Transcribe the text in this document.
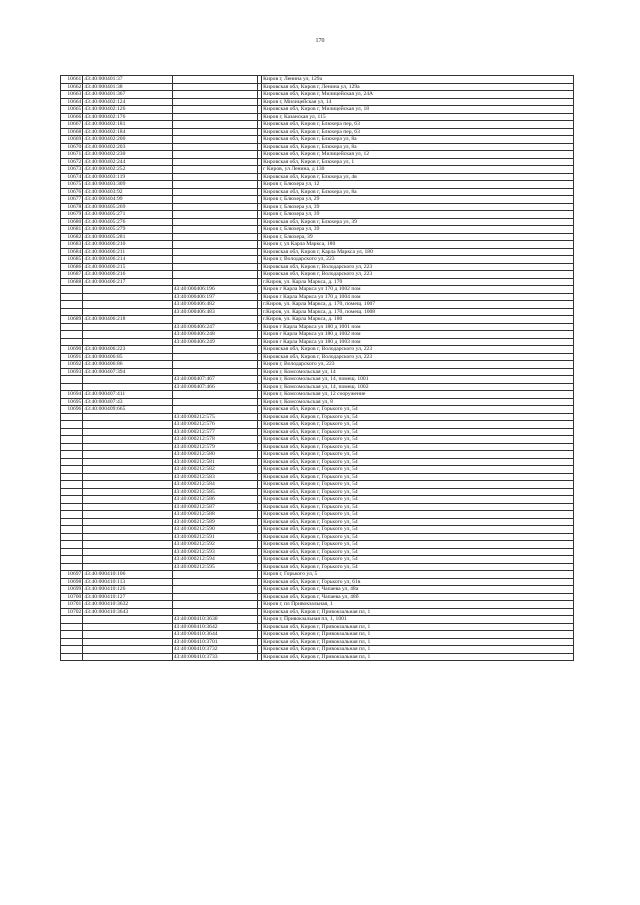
170
10661	43:40:000401:37			Киров г, Ленина ул, 129а
10662	43:40:000401:38			Кировская обл, Киров г, Ленина ул, 129а
10663	43:40:000401:367			Кировская обл, Киров г, Милицейская ул, 24А
10664	43:40:000402:124			Киров г, Милицейская ул, 14
10665	43:40:000402:126			Кировская обл, Киров г, Милицейская ул, 18
10666	43:40:000402:176			Киров г, Казанская ул, 115
10667	43:40:000402:181			Кировская обл, Киров г, Блюхера пер, 63
10668	43:40:000402:184			Кировская обл, Киров г, Блюхера пер, 63
10669	43:40:000402:200			Кировская обл, Киров г, Блюхера ул, 8а
10670	43:40:000402:203			Кировская обл, Киров г, Блюхера ул, 8а
10671	43:40:000402:230			Кировская обл, Киров г, Милицейская ул, 12
10672	43:40:000402:244			Кировская обл, Киров г, Блюхера ул, 1
10673	43:40:000402:252			г Киров, ул Ленина, д 130
10674	43:40:000403:119			Кировская обл, Киров г, Блюхера ул, 4в
10675	43:40:000403:309			Киров г, Блюхера ул, 12
10676	43:40:000403:92			Кировская обл, Киров г, Блюхера ул, 8а
10677	43:40:000404:99			Киров г, Блюхера ул, 29
10678	43:40:000405:269			Киров г, Блюхера ул, 39
10679	43:40:000405:271			Киров г, Блюхера ул, 39
10680	43:40:000405:276			Кировская обл, Киров г, Блюхера ул, 39
10681	43:40:000405:279			Киров г, Блюхера ул, 39
10682	43:40:000405:281			Киров г, Блюхера, 39
10683	43:40:000406:210			Киров г, ул Карла Маркса, 180
10684	43:40:000406:211			Кировская обл, Киров г, Карла Маркса ул, 180
10685	43:40:000406:214			Киров г, Володарского ул, 223
10686	43:40:000406:215			Кировская обл, Киров г, Володарского ул, 223
10687	43:40:000406:216			Кировская обл, Киров г, Володарского ул, 223
10688	43:40:000406:217			г.Киров, ул. Карла Маркса, д. 170
		43:40:000406:196		Киров г Карла Маркса ул 170 д 1002 пом
		43:40:000406:197		Киров г Карла Маркса ул 170 д 1004 пом
		43:40:000406:482		г.Киров, ул. Карла Маркса, д. 170, помещ. 1007
		43:40:000406:483		г.Киров, ул. Карла Маркса, д. 170, помещ. 1008
10689	43:40:000406:218			г.Киров, ул. Карла Маркса, д. 180
		43:40:000406:247		Киров г Карла Маркса ул 180 д 1001 пом
		43:40:000406:248		Киров г Карла Маркса ул 180 д 1002 пом
		43:40:000406:249		Киров г Карла Маркса ул 180 д 1003 пом
10690	43:40:000406:223			Кировская обл, Киров г, Володарского ул, 223
10691	43:40:000406:85			Кировская обл, Киров г, Володарского ул, 223
10692	43:40:000406:86			Киров г, Володарского ул, 223
10693	43:40:000407:394			Киров г, Комсомольская ул, 14
		43:40:000407:467		Киров г, Комсомольская ул, 14, помещ. 1001
		43:40:000407:466		Киров г, Комсомольская ул, 14, помещ. 1002
10694	43:40:000407:411			Киров г, Комсомольская ул, 12 сооружение
10695	43:40:000407:43			Киров г, Комсомольская ул, 8
10696	43:40:000409:665			Кировская обл, Киров г, Горького ул, 54
		43:40:000212:575		Кировская обл, Киров г, Горького ул, 54
		43:40:000212:576		Кировская обл, Киров г, Горького ул, 54
		43:40:000212:577		Кировская обл, Киров г, Горького ул, 54
		43:40:000212:578		Кировская обл, Киров г, Горького ул, 54
		43:40:000212:579		Кировская обл, Киров г, Горького ул, 54
		43:40:000212:580		Кировская обл, Киров г, Горького ул, 54
		43:40:000212:581		Кировская обл, Киров г, Горького ул, 54
		43:40:000212:582		Кировская обл, Киров г, Горького ул, 54
		43:40:000212:583		Кировская обл, Киров г, Горького ул, 54
		43:40:000212:584		Кировская обл, Киров г, Горького ул, 54
		43:40:000212:585		Кировская обл, Киров г, Горького ул, 54
		43:40:000212:586		Кировская обл, Киров г, Горького ул, 54
		43:40:000212:587		Кировская обл, Киров г, Горького ул, 54
		43:40:000212:588		Кировская обл, Киров г, Горького ул, 54
		43:40:000212:589		Кировская обл, Киров г, Горького ул, 54
		43:40:000212:590		Кировская обл, Киров г, Горького ул, 54
		43:40:000212:591		Кировская обл, Киров г, Горького ул, 54
		43:40:000212:592		Кировская обл, Киров г, Горького ул, 54
		43:40:000212:593		Кировская обл, Киров г, Горького ул, 54
		43:40:000212:594		Кировская обл, Киров г, Горького ул, 54
		43:40:000212:595		Кировская обл, Киров г, Горького ул, 54
10697	43:40:000410:106			Киров г, Горького ул, 5
10698	43:40:000410:113			Кировская обл, Киров г, Горького ул, 61в
10699	43:40:000410:126			Кировская обл, Киров г, Чапаева ул, 48а
10700	43:40:000410:127			Кировская обл, Киров г, Чапаева ул, 48б
10701	43:40:000410:3632			Киров г, пл Привокзальная, 1
10702	43:40:000410:3643			Кировская обл, Киров г, Привокзальная пл, 1
		43:40:000410:3630		Киров г, Привокзальная пл, 1, 1001
		43:40:000410:3642		Кировская обл, Киров г, Привокзальная пл, 1
		43:40:000410:3644		Кировская обл, Киров г, Привокзальная пл, 1
		43:40:000410:3701		Кировская обл, Киров г, Привокзальная пл, 1
		43:40:000410:3732		Кировская обл, Киров г, Привокзальная пл, 1
		43:40:000410:3733		Кировская обл, Киров г, Привокзальная пл, 1
